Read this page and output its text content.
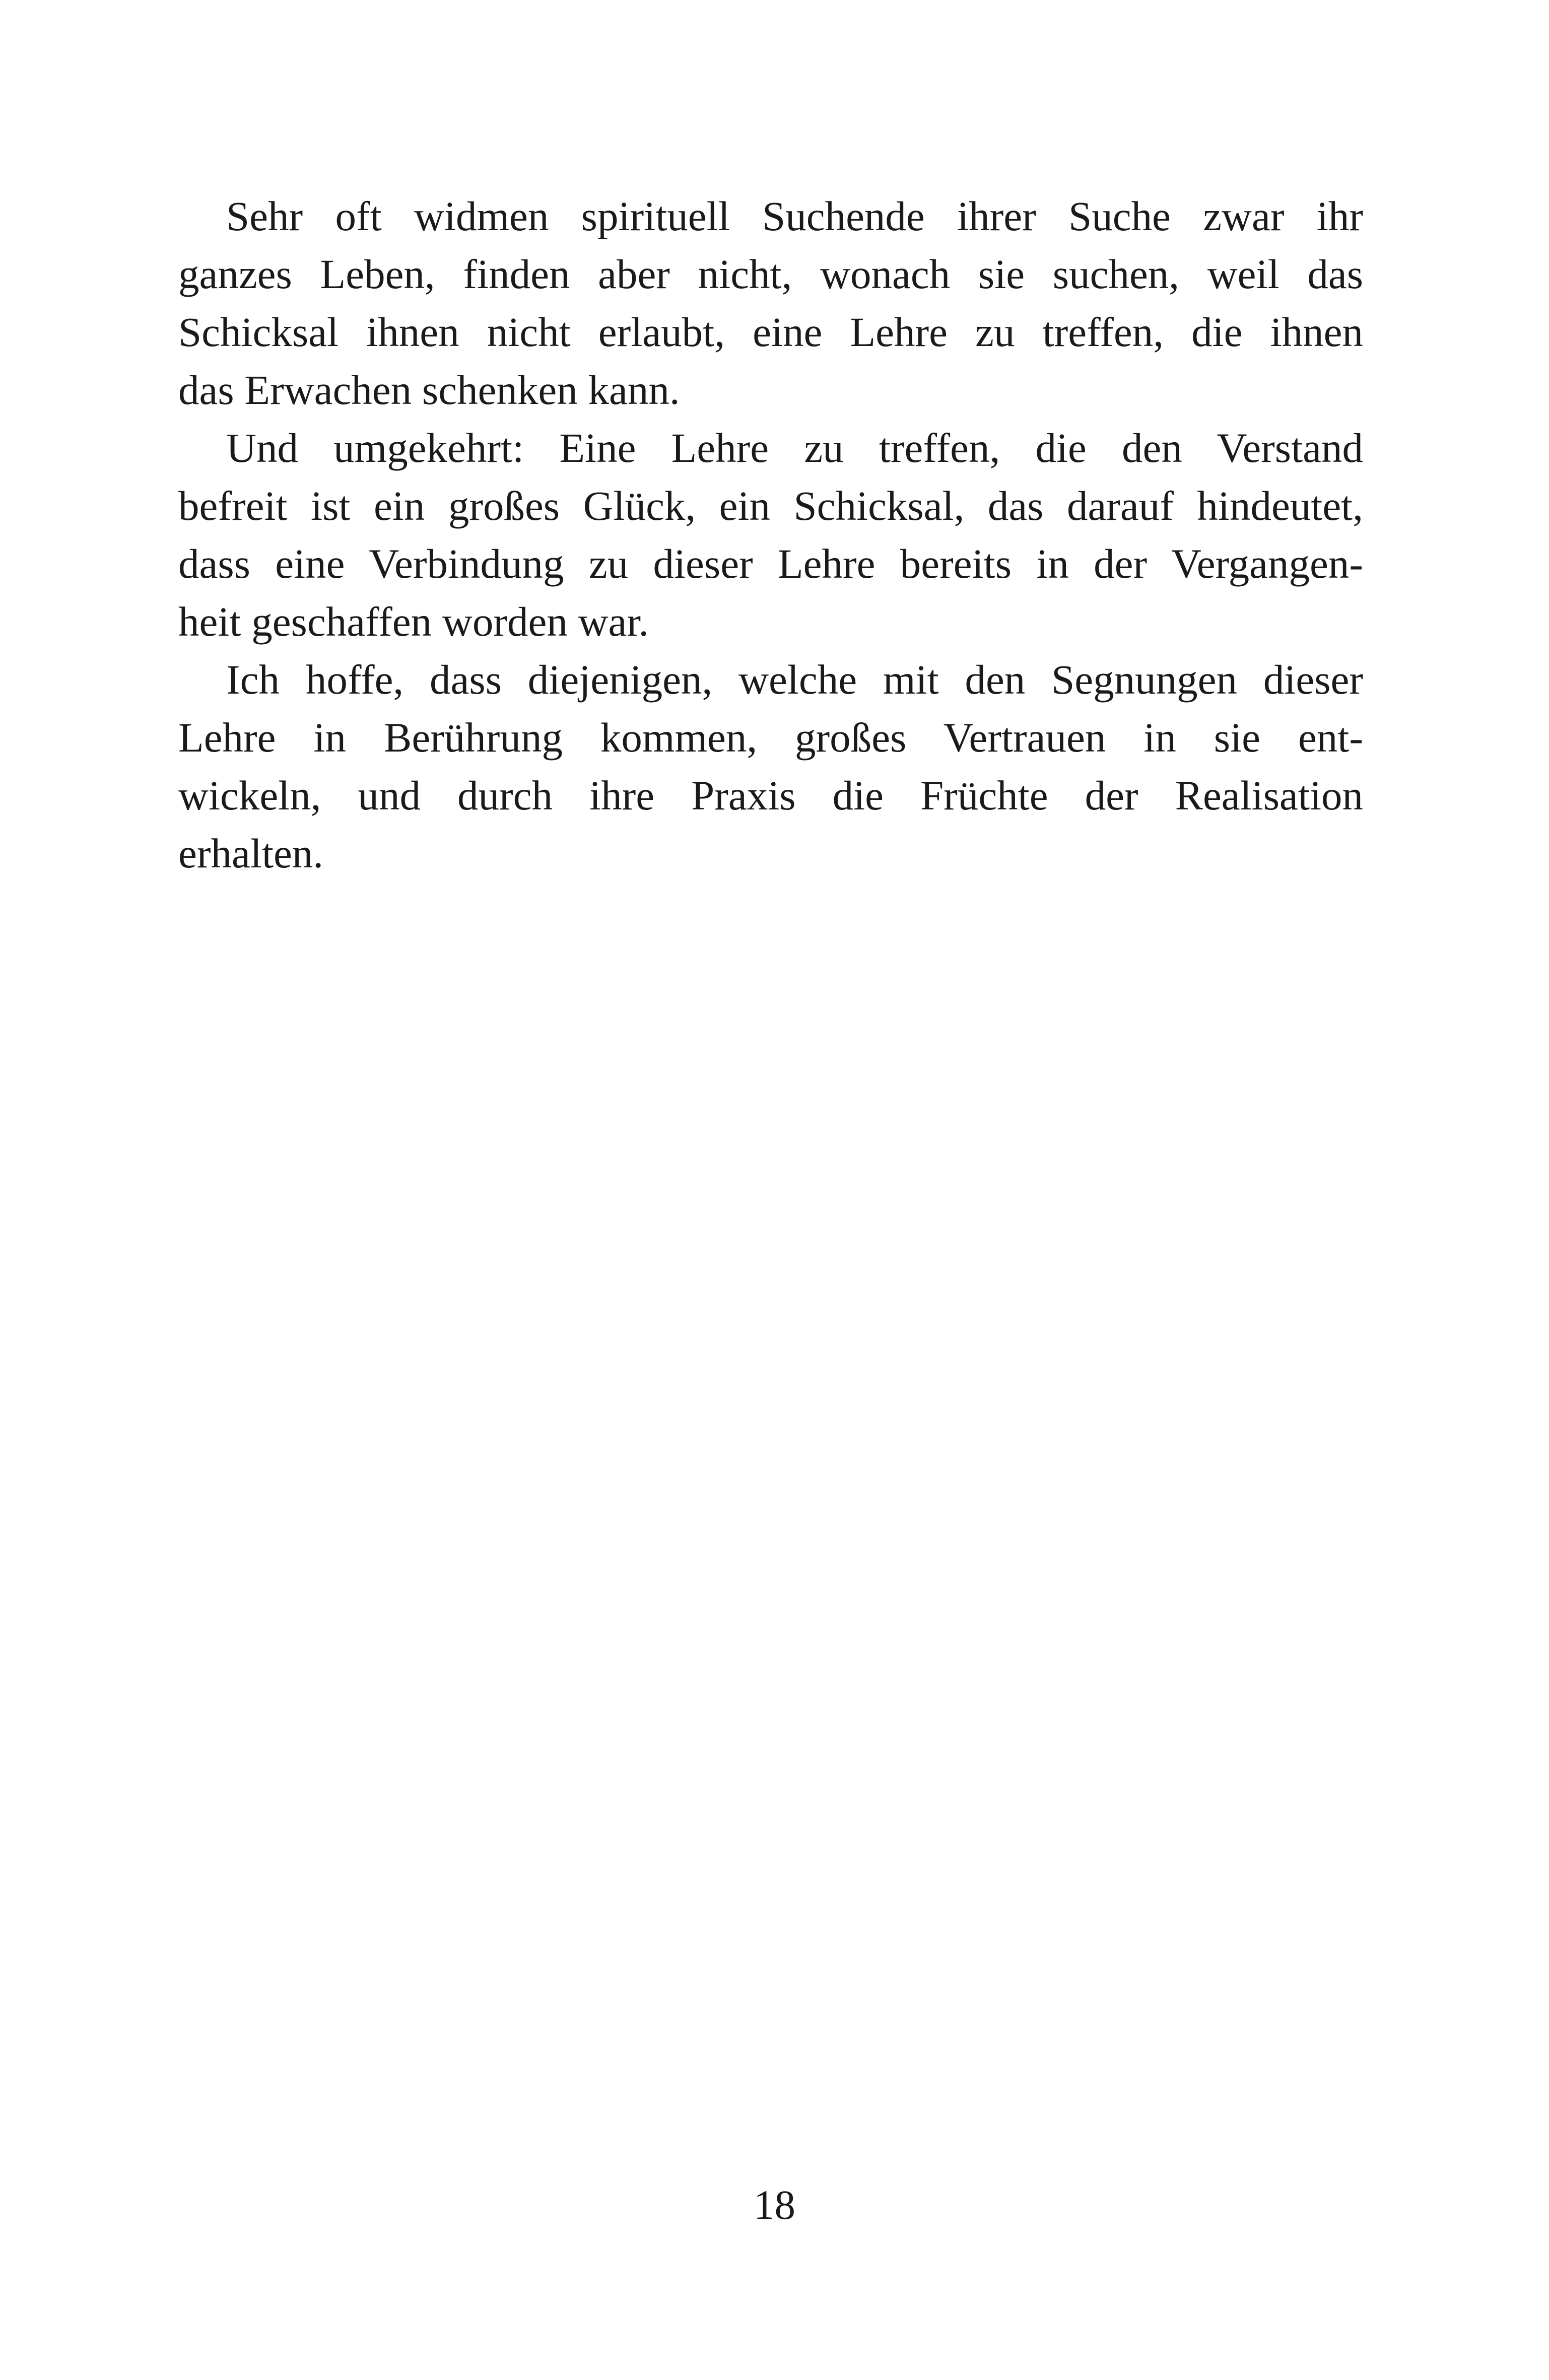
Sehr oft widmen spirituell Suchende ihrer Suche zwar ihr
ganzes Leben, finden aber nicht, wonach sie suchen, weil das
Schicksal ihnen nicht erlaubt, eine Lehre zu treffen, die ihnen
das Erwachen schenken kann.
Und umgekehrt: Eine Lehre zu treffen, die den Verstand
befreit ist ein großes Glück, ein Schicksal, das darauf hindeutet,
dass eine Verbindung zu dieser Lehre bereits in der Vergangen-
heit geschaffen worden war.
Ich hoffe, dass diejenigen, welche mit den Segnungen dieser
Lehre in Berührung kommen, großes Vertrauen in sie ent-
wickeln, und durch ihre Praxis die Früchte der Realisation
erhalten.
18
